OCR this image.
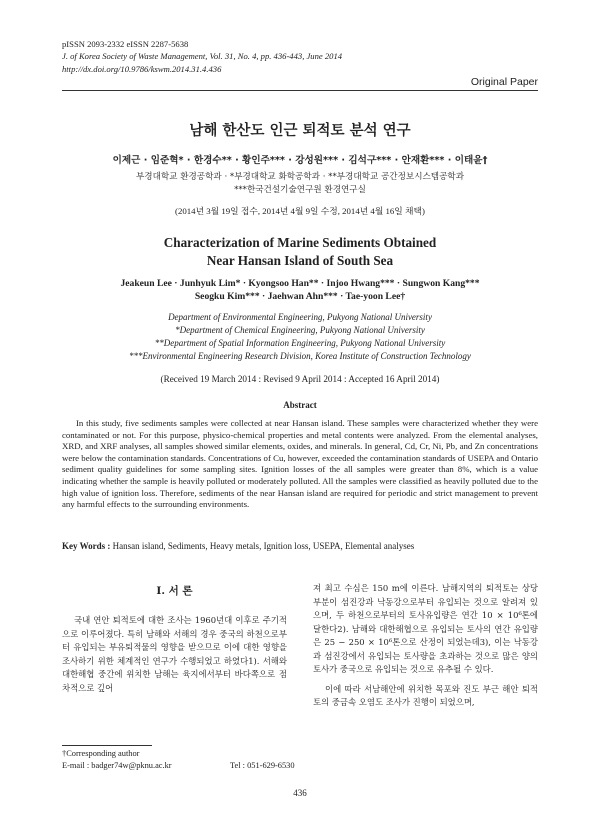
pISSN 2093-2332 eISSN 2287-5638
J. of Korea Society of Waste Management, Vol. 31, No. 4, pp. 436-443, June 2014
http://dx.doi.org/10.9786/kswm.2014.31.4.436
Original Paper
남해 한산도 인근 퇴적토 분석 연구
이제근 · 임준혁* · 한경수** · 황인주*** · 강성원*** · 김석구*** · 안재환*** · 이태윤†
부경대학교 환경공학과 · *부경대학교 화학공학과 · **부경대학교 공간정보시스템공학과
***한국건설기술연구원 환경연구실
(2014년 3월 19일 접수, 2014년 4월 9일 수정, 2014년 4월 16일 채택)
Characterization of Marine Sediments Obtained
Near Hansan Island of South Sea
Jeakeun Lee · Junhyuk Lim* · Kyongsoo Han** · Injoo Hwang*** · Sungwon Kang***
Seogku Kim*** · Jaehwan Ahn*** · Tae-yoon Lee†
Department of Environmental Engineering, Pukyong National University
*Department of Chemical Engineering, Pukyong National University
**Department of Spatial Information Engineering, Pukyong National University
***Environmental Engineering Research Division, Korea Institute of Construction Technology
(Received 19 March 2014 : Revised 9 April 2014 : Accepted 16 April 2014)
Abstract
In this study, five sediments samples were collected at near Hansan island. These samples were characterized whether they were contaminated or not. For this purpose, physico-chemical properties and metal contents were analyzed. From the elemental analyses, XRD, and XRF analyses, all samples showed similar elements, oxides, and minerals. In general, Cd, Cr, Ni, Pb, and Zn concentrations were below the contamination standards. Concentrations of Cu, however, exceeded the contamination standards of USEPA and Ontario sediment quality guidelines for some sampling sites. Ignition losses of the all samples were greater than 8%, which is a value indicating whether the sample is heavily polluted or moderately polluted. All the samples were classified as heavily polluted due to the high value of ignition loss. Therefore, sediments of the near Hansan island are required for periodic and strict management to prevent any harmful effects to the surrounding environments.
Key Words : Hansan island, Sediments, Heavy metals, Ignition loss, USEPA, Elemental analyses
I. 서 론

국내 연안 퇴적토에 대한 조사는 1960년대 이후로 주기적으로 이루어졌다. 특히 남해와 서해의 경우 중국의 하천으로부터 유입되는 부유퇴적물의 영향을 받으므로 이에 대한 영향을 조사하기 위한 체계적인 연구가 수행되었고 하였다1). 서해와 대한해협 중간에 위치한 남해는 육지에서부터 바다쪽으로 점차적으로 깊어

져 최고 수심은 150 m에 이른다. 남해지역의 퇴적토는 상당부분이 섬진강과 낙동강으로부터 유입되는 것으로 알려져 있으며, 두 하천으로부터의 토사유입량은 연간 10 × 10⁶톤에 달한다2). 남해와 대한해협으로 유입되는 토사의 연간 유입량은 25 − 250 × 10⁶톤으로 산정이 되었는데3), 이는 낙동강과 섬진강에서 유입되는 토사량을 초과하는 것으로 많은 양의 토사가 중국으로 유입되는 것으로 유추될 수 있다.

이에 따라 서남해안에 위치한 목포와 진도 부근 해안 퇴적토의 중금속 오염도 조사가 진행이 되었으며,

†Corresponding author
E-mail : badger74w@pknu.ac.kr	Tel : 051-629-6530
436
